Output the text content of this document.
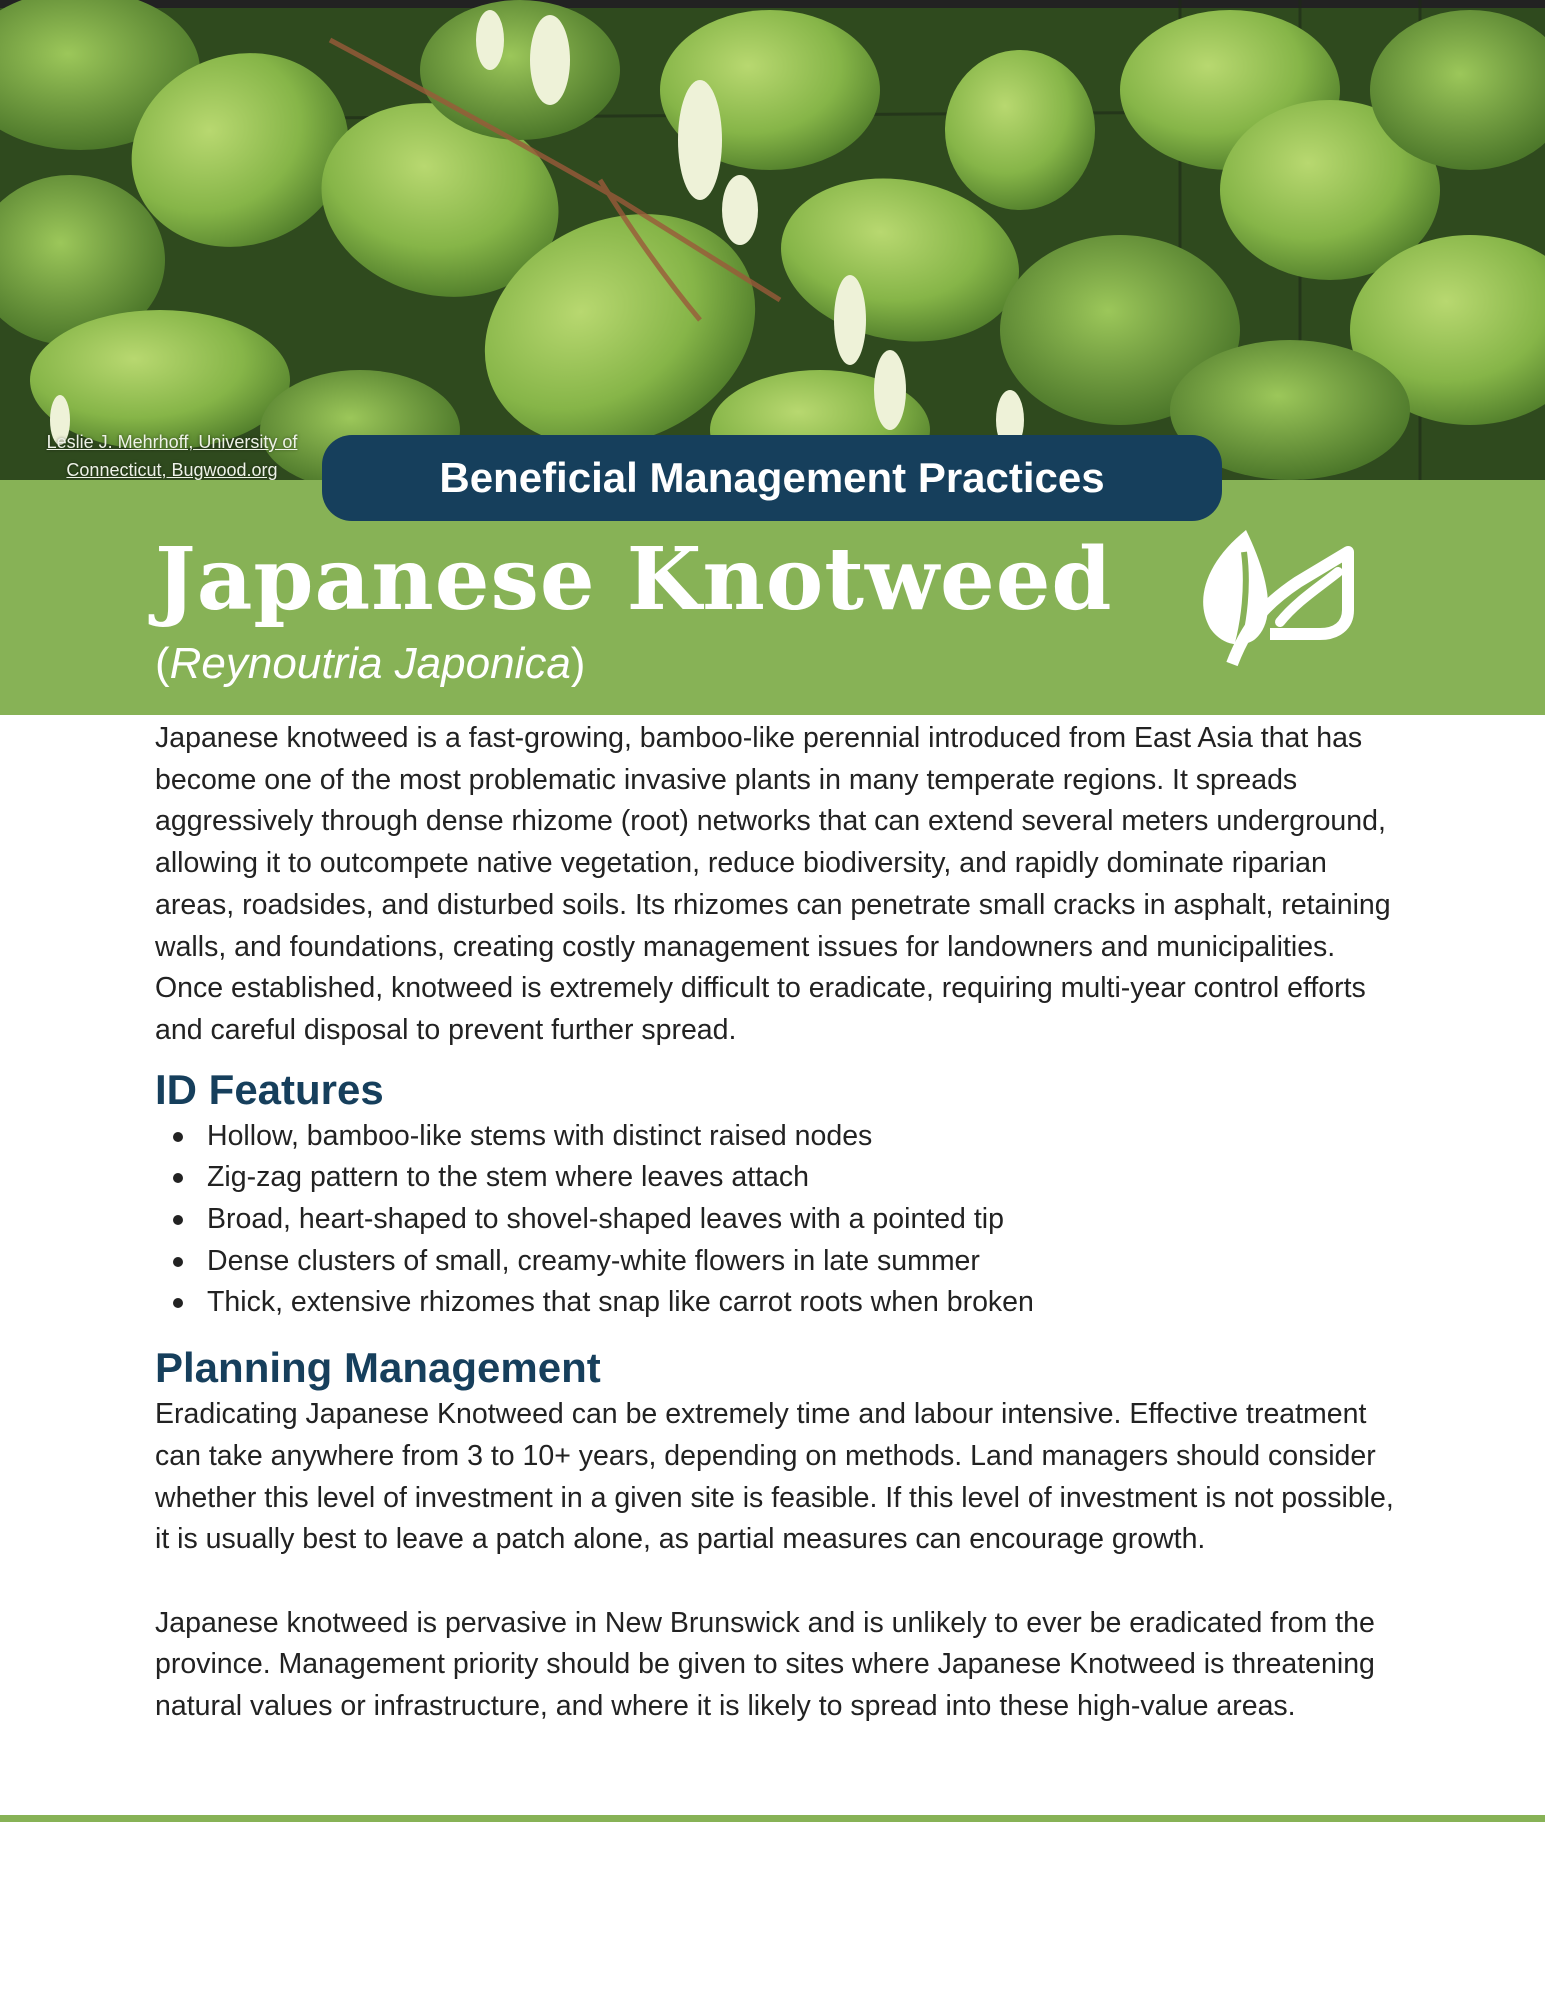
Leslie J. Mehrhoff, University of
Connecticut, Bugwood.org	Beneficial Management Practices
Japanese Knotweed
(Reynoutria Japonica)

Japanese knotweed is a fast-growing, bamboo-like perennial introduced from East Asia that has become one of the most problematic invasive plants in many temperate regions. It spreads aggressively through dense rhizome (root) networks that can extend several meters underground, allowing it to outcompete native vegetation, reduce biodiversity, and rapidly dominate riparian areas, roadsides, and disturbed soils. Its rhizomes can penetrate small cracks in asphalt, retaining walls, and foundations, creating costly management issues for landowners and municipalities. Once established, knotweed is extremely difficult to eradicate, requiring multi-year control efforts and careful disposal to prevent further spread.

ID Features
Hollow, bamboo-like stems with distinct raised nodes
Zig-zag pattern to the stem where leaves attach
Broad, heart-shaped to shovel-shaped leaves with a pointed tip
Dense clusters of small, creamy-white flowers in late summer
Thick, extensive rhizomes that snap like carrot roots when broken
Planning Management

Eradicating Japanese Knotweed can be extremely time and labour intensive. Effective treatment can take anywhere from 3 to 10+ years, depending on methods. Land managers should consider whether this level of investment in a given site is feasible. If this level of investment is not possible, it is usually best to leave a patch alone, as partial measures can encourage growth.

Japanese knotweed is pervasive in New Brunswick and is unlikely to ever be eradicated from the province. Management priority should be given to sites where Japanese Knotweed is threatening natural values or infrastructure, and where it is likely to spread into these high-value areas.
